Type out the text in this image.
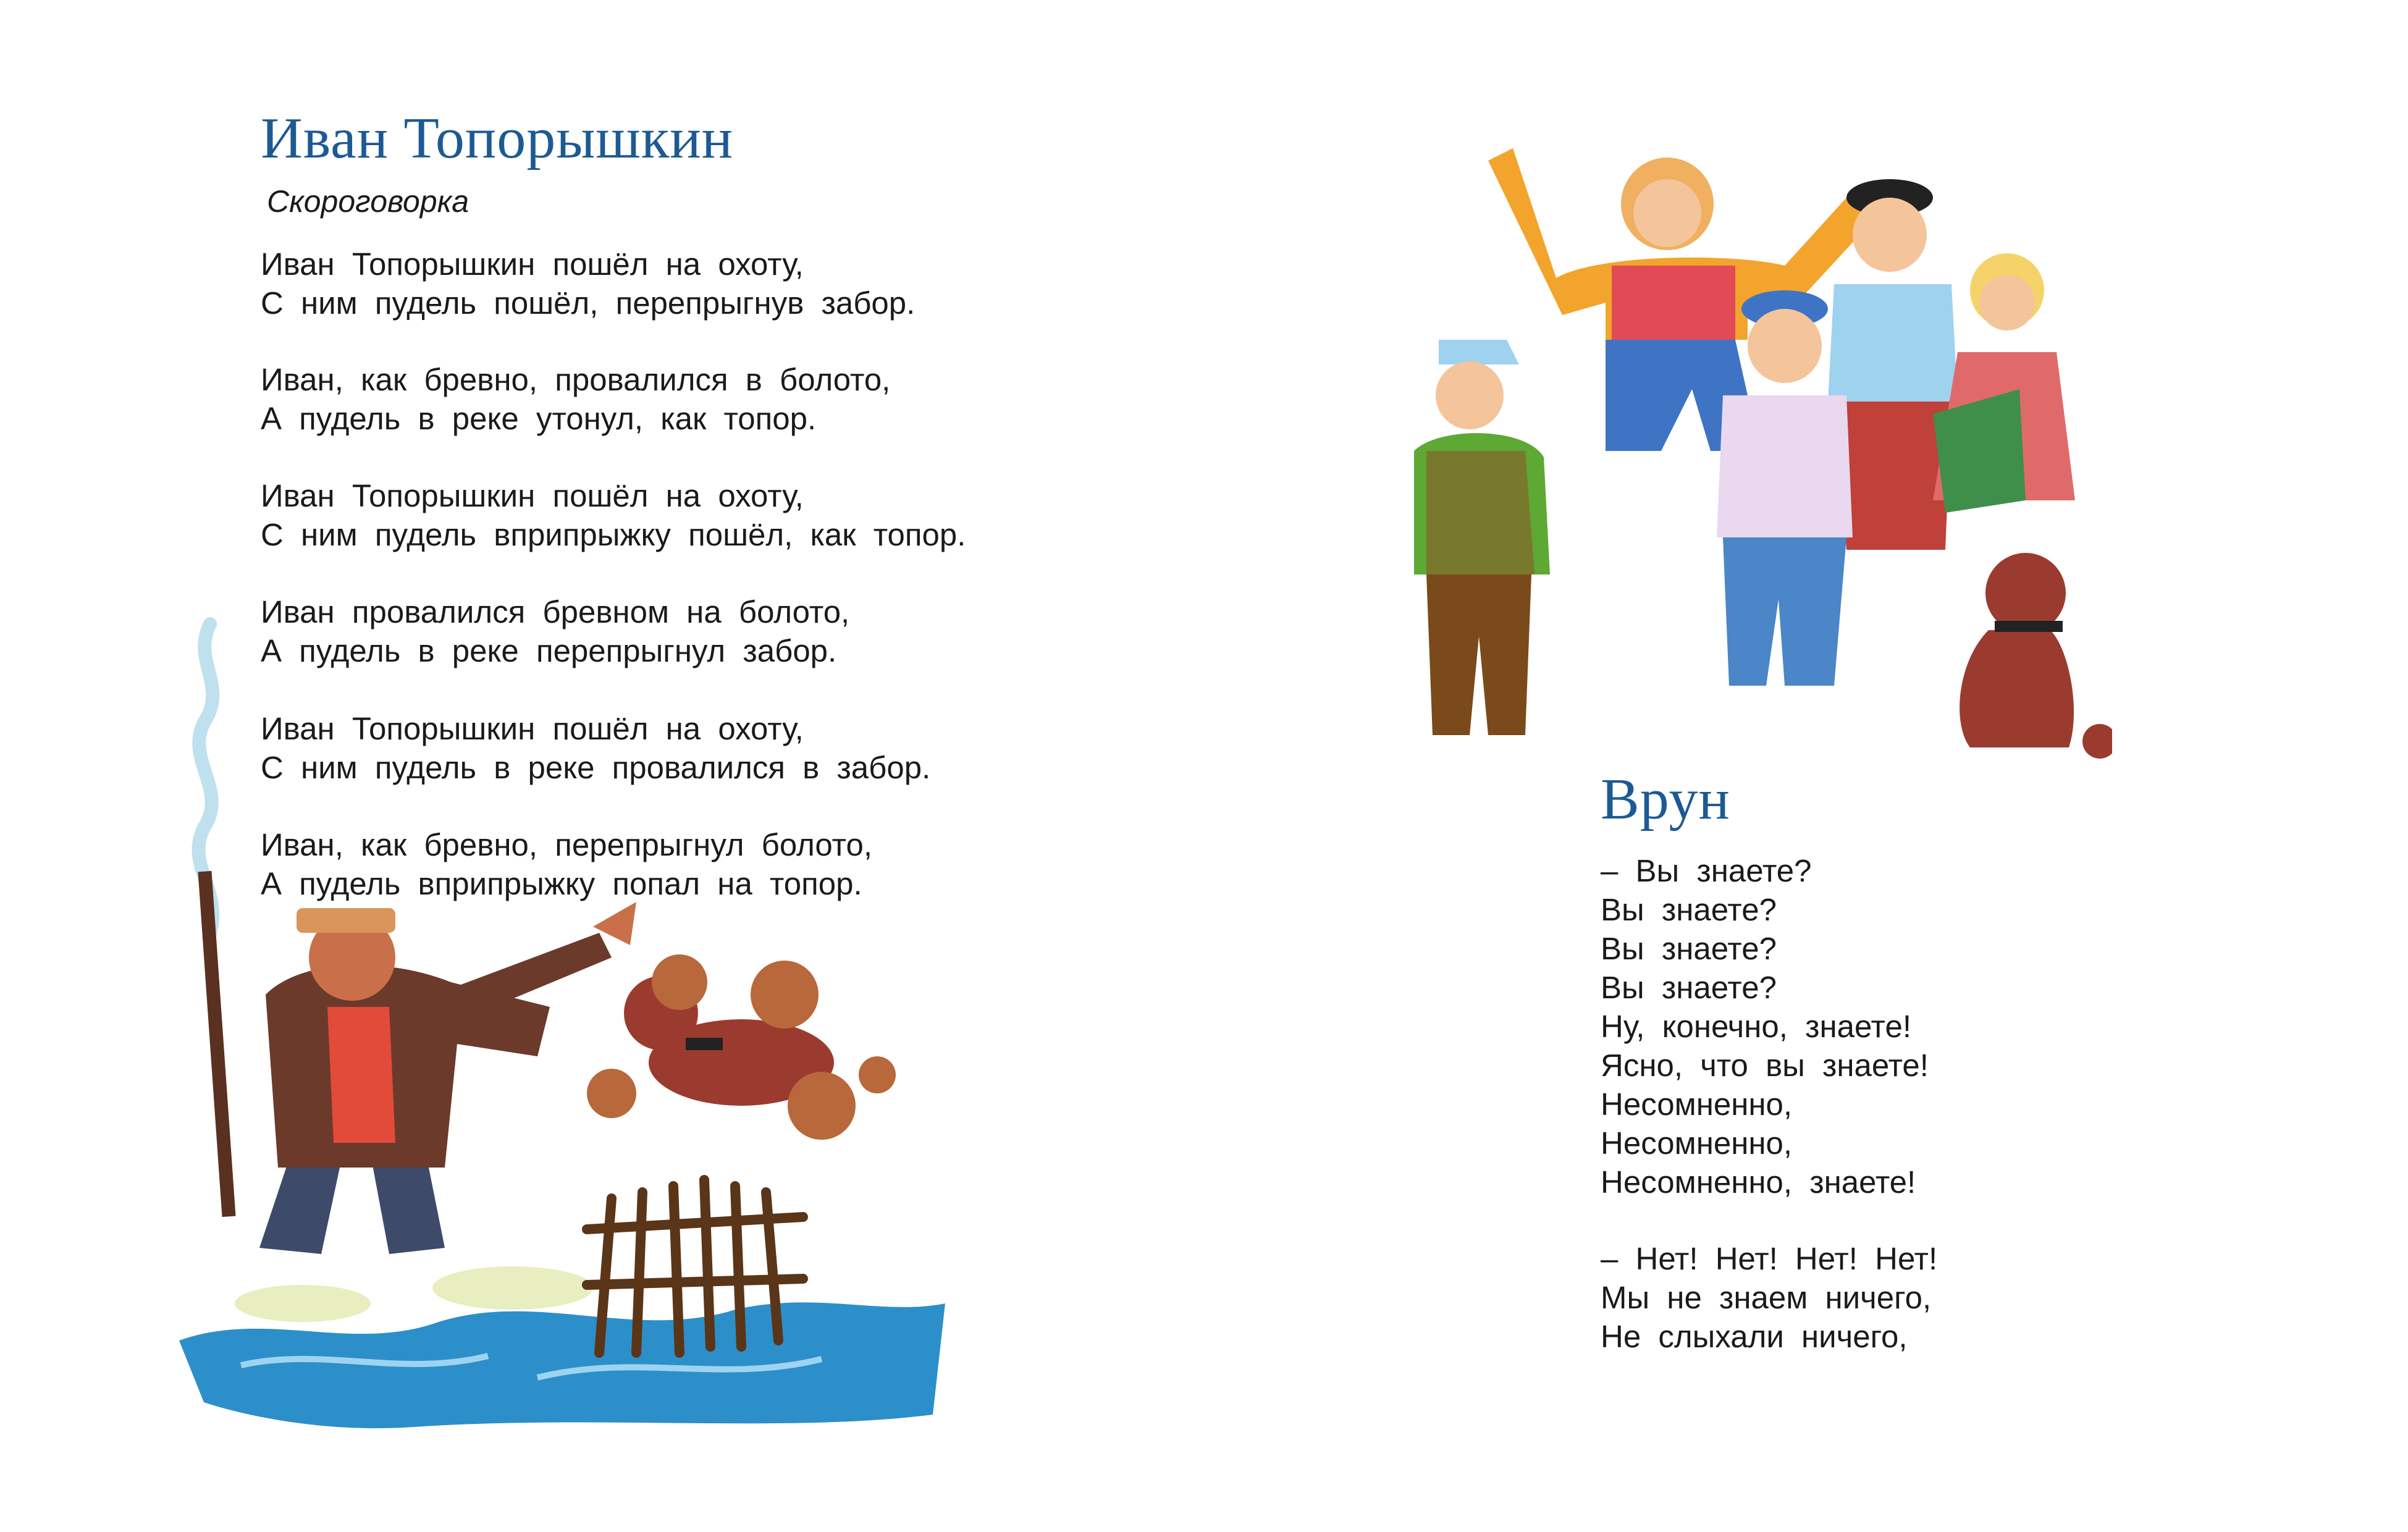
Иван Топорышкин

Скороговорка

Иван Топорышкин пошёл на охоту,
С ним пудель пошёл, перепрыгнув забор.
Иван, как бревно, провалился в болото,
А пудель в реке утонул, как топор.
Иван Топорышкин пошёл на охоту,
С ним пудель вприпрыжку пошёл, как топор.
Иван провалился бревном на болото,
А пудель в реке перепрыгнул забор.
Иван Топорышкин пошёл на охоту,
С ним пудель в реке провалился в забор.
Иван, как бревно, перепрыгнул болото,
А пудель вприпрыжку попал на топор.
Врун
– Вы знаете?
Вы знаете?
Вы знаете?
Вы знаете?
Ну, конечно, знаете!
Ясно, что вы знаете!
Несомненно,
Несомненно,
Несомненно, знаете!
– Нет! Нет! Нет! Нет!
Мы не знаем ничего,
Не слыхали ничего,
